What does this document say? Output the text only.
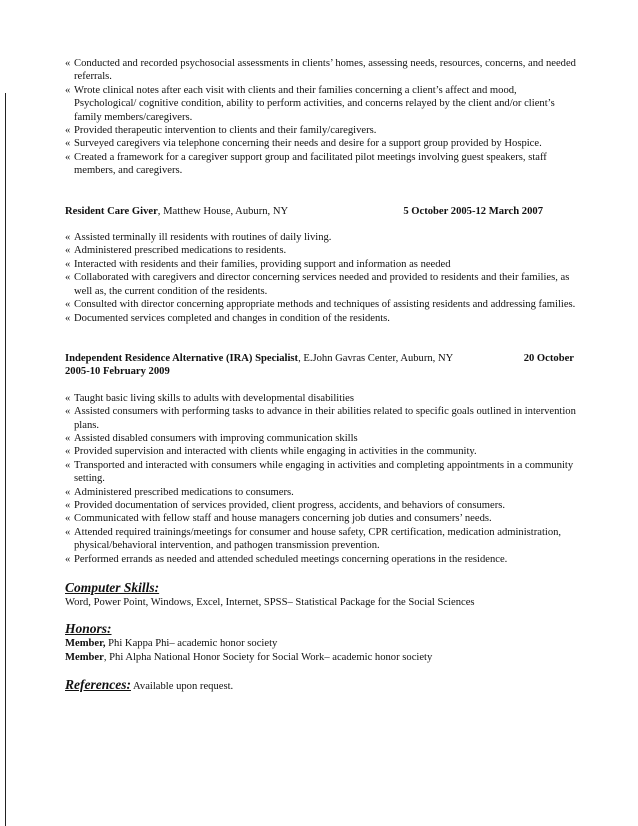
« Conducted and recorded psychosocial assessments in clients’ homes, assessing needs, resources, concerns, and needed referrals.
« Wrote clinical notes after each visit with clients and their families concerning a client’s affect and mood, Psychological/ cognitive condition, ability to perform activities, and concerns relayed by the client and/or client’s family members/caregivers.
« Provided therapeutic intervention to clients and their family/caregivers.
« Surveyed caregivers via telephone concerning their needs and desire for a support group provided by Hospice.
« Created a framework for a caregiver support group and facilitated pilot meetings involving guest speakers, staff members, and caregivers.
Resident Care Giver, Matthew House, Auburn, NY	5 October 2005-12 March 2007
« Assisted terminally ill residents with routines of daily living.
« Administered prescribed medications to residents.
« Interacted with residents and their families, providing support and information as needed
« Collaborated with caregivers and director concerning services needed and provided to residents and their families, as well as, the current condition of the residents.
« Consulted with director concerning appropriate methods and techniques of assisting residents and addressing families.
« Documented services completed and changes in condition of the residents.
Independent Residence Alternative (IRA) Specialist, E.John Gavras Center, Auburn, NY	20 October
2005-10 February 2009
« Taught basic living skills to adults with developmental disabilities
« Assisted consumers with performing tasks to advance in their abilities related to specific goals outlined in intervention plans.
« Assisted disabled consumers with improving communication skills
« Provided supervision and interacted with clients while engaging in activities in the community.
« Transported and interacted with consumers while engaging in activities and completing appointments in a community setting.
« Administered prescribed medications to consumers.
« Provided documentation of services provided, client progress, accidents, and behaviors of consumers.
« Communicated with fellow staff and house managers concerning job duties and consumers’ needs.
« Attended required trainings/meetings for consumer and house safety, CPR certification, medication administration, physical/behavioral intervention, and pathogen transmission prevention.
« Performed errands as needed and attended scheduled meetings concerning operations in the residence.
Computer Skills:
Word, Power Point, Windows, Excel, Internet, SPSS– Statistical Package for the Social Sciences
Honors:
Member, Phi Kappa Phi– academic honor society
Member, Phi Alpha National Honor Society for Social Work– academic honor society
References: Available upon request.
